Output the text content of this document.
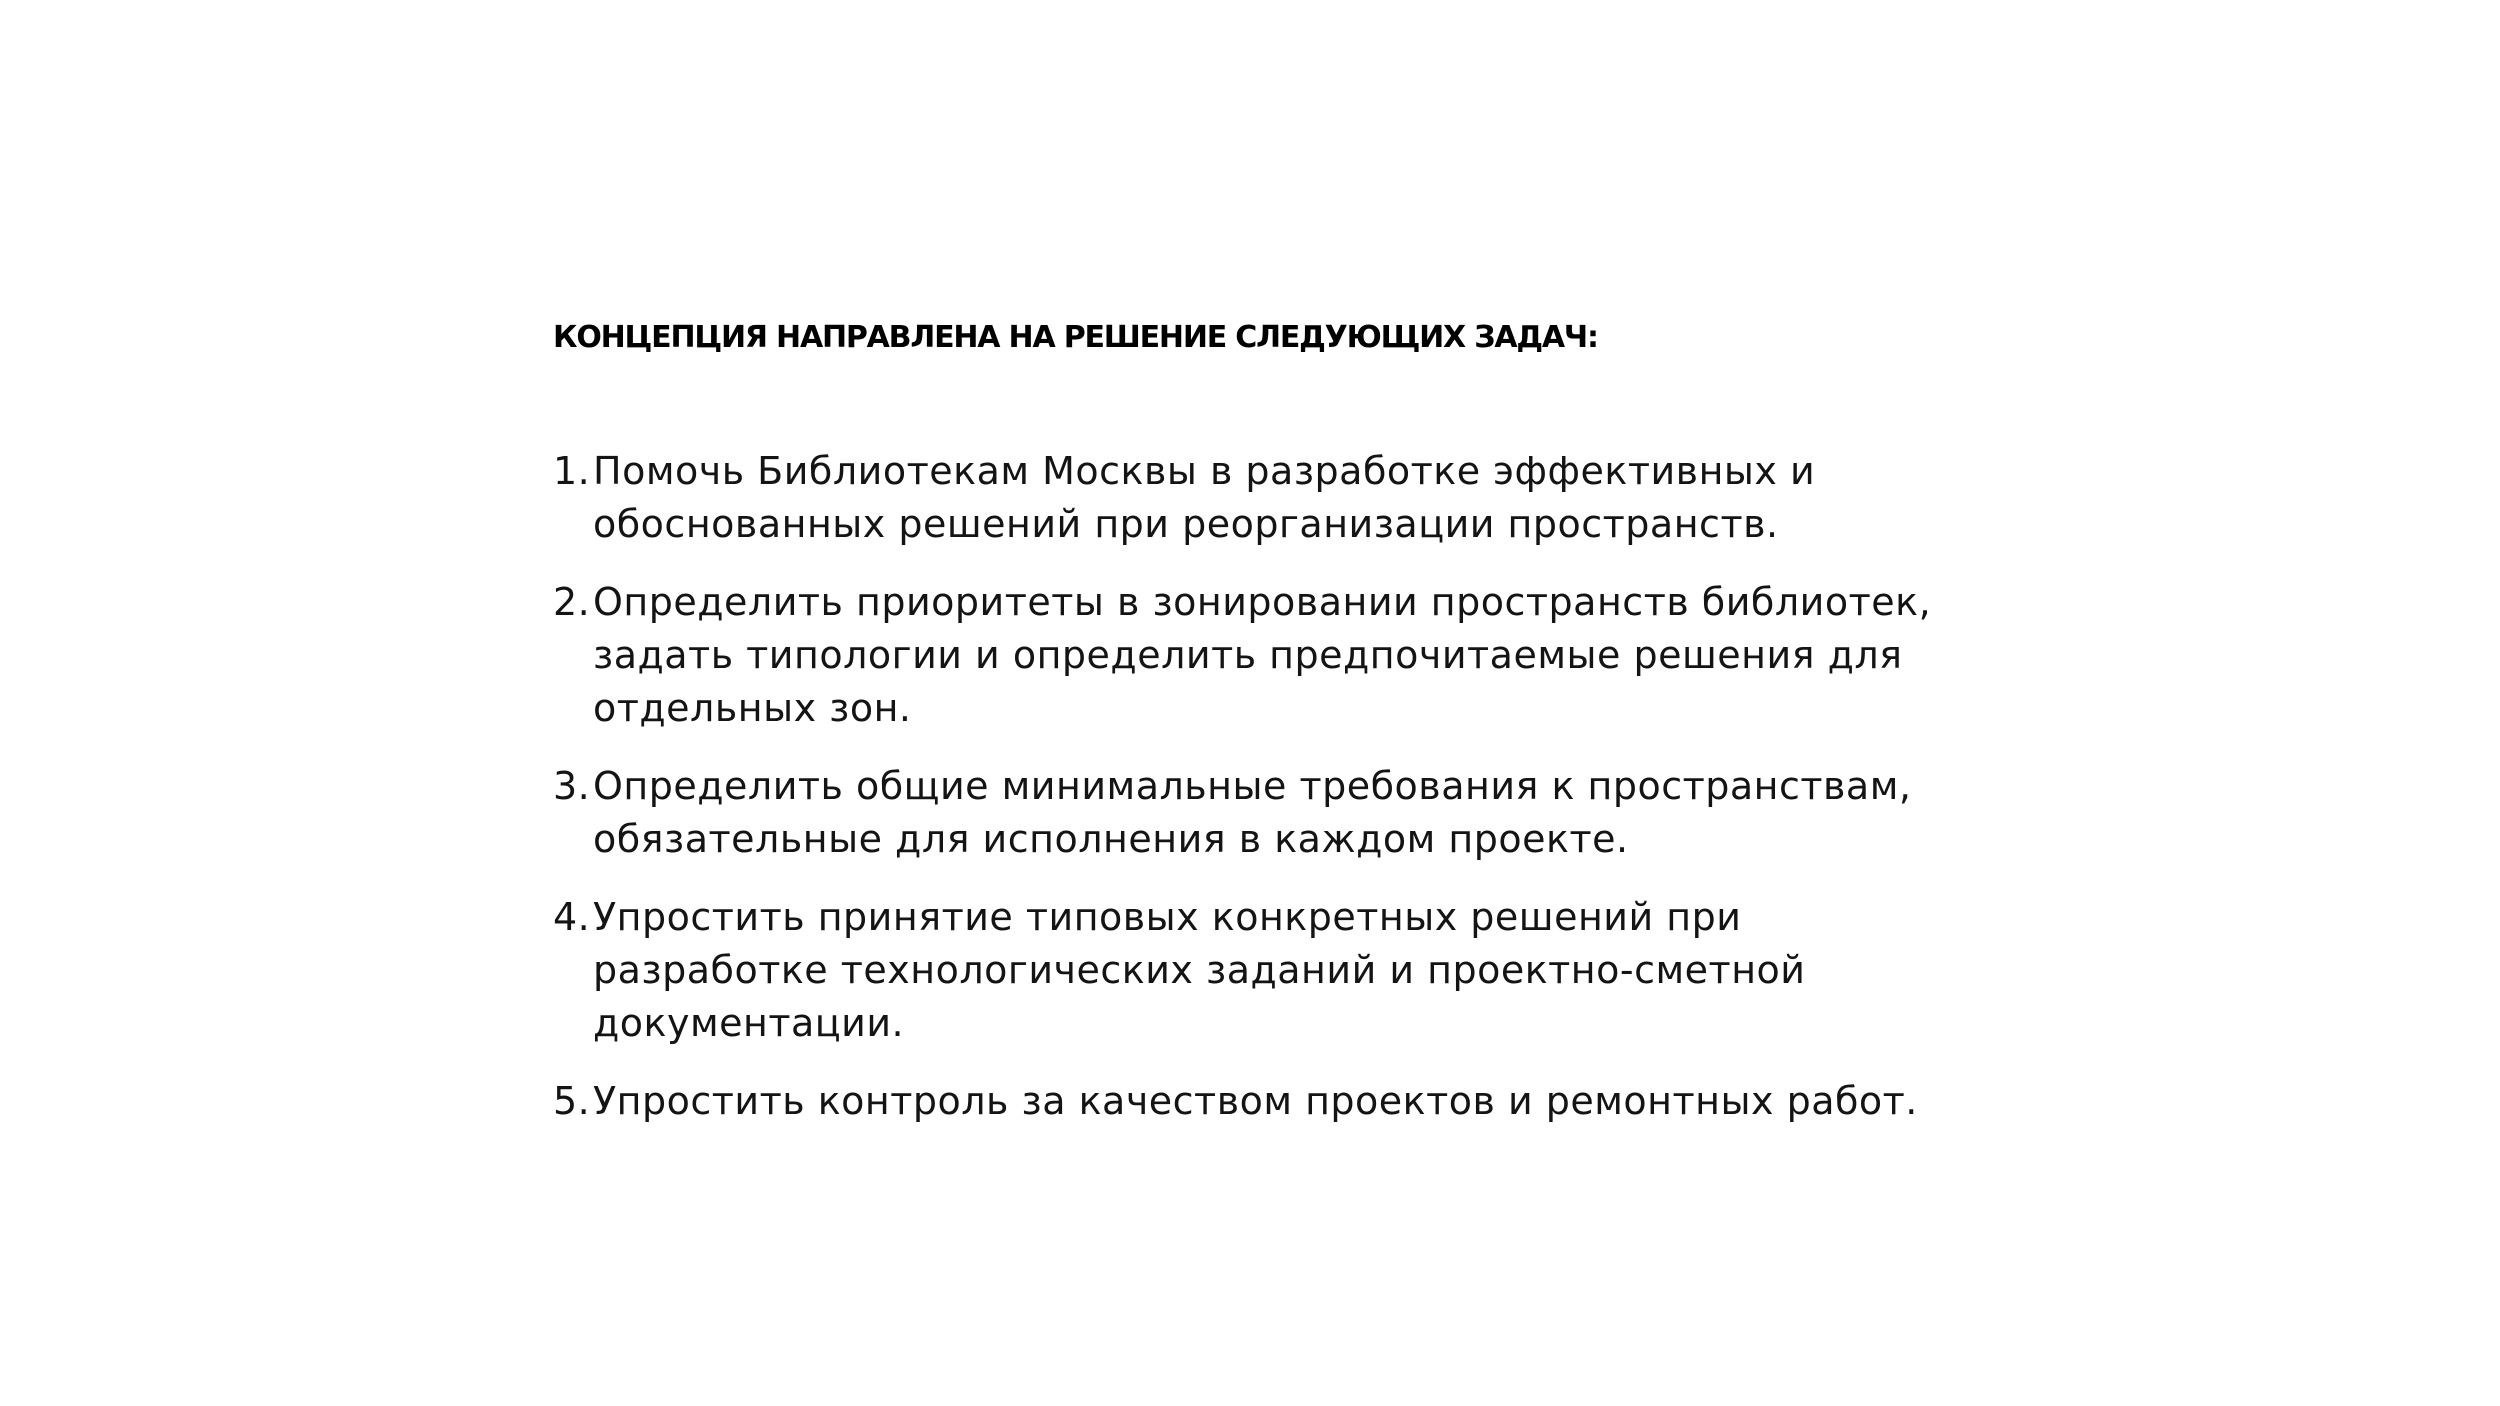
КОНЦЕПЦИЯ НАПРАВЛЕНА НА РЕШЕНИЕ СЛЕДУЮЩИХ ЗАДАЧ:
1. Помочь Библиотекам Москвы в разработке эффективных и
обоснованных решений при реорганизации пространств.
2. Определить приоритеты в зонировании пространств библиотек,
задать типологии и определить предпочитаемые решения для
отдельных зон.
3. Определить общие минимальные требования к пространствам,
обязательные для исполнения в каждом проекте.
4. Упростить принятие типовых конкретных решений при
разработке технологических заданий и проектно-сметной
документации.
5. Упростить контроль за качеством проектов и ремонтных работ.
